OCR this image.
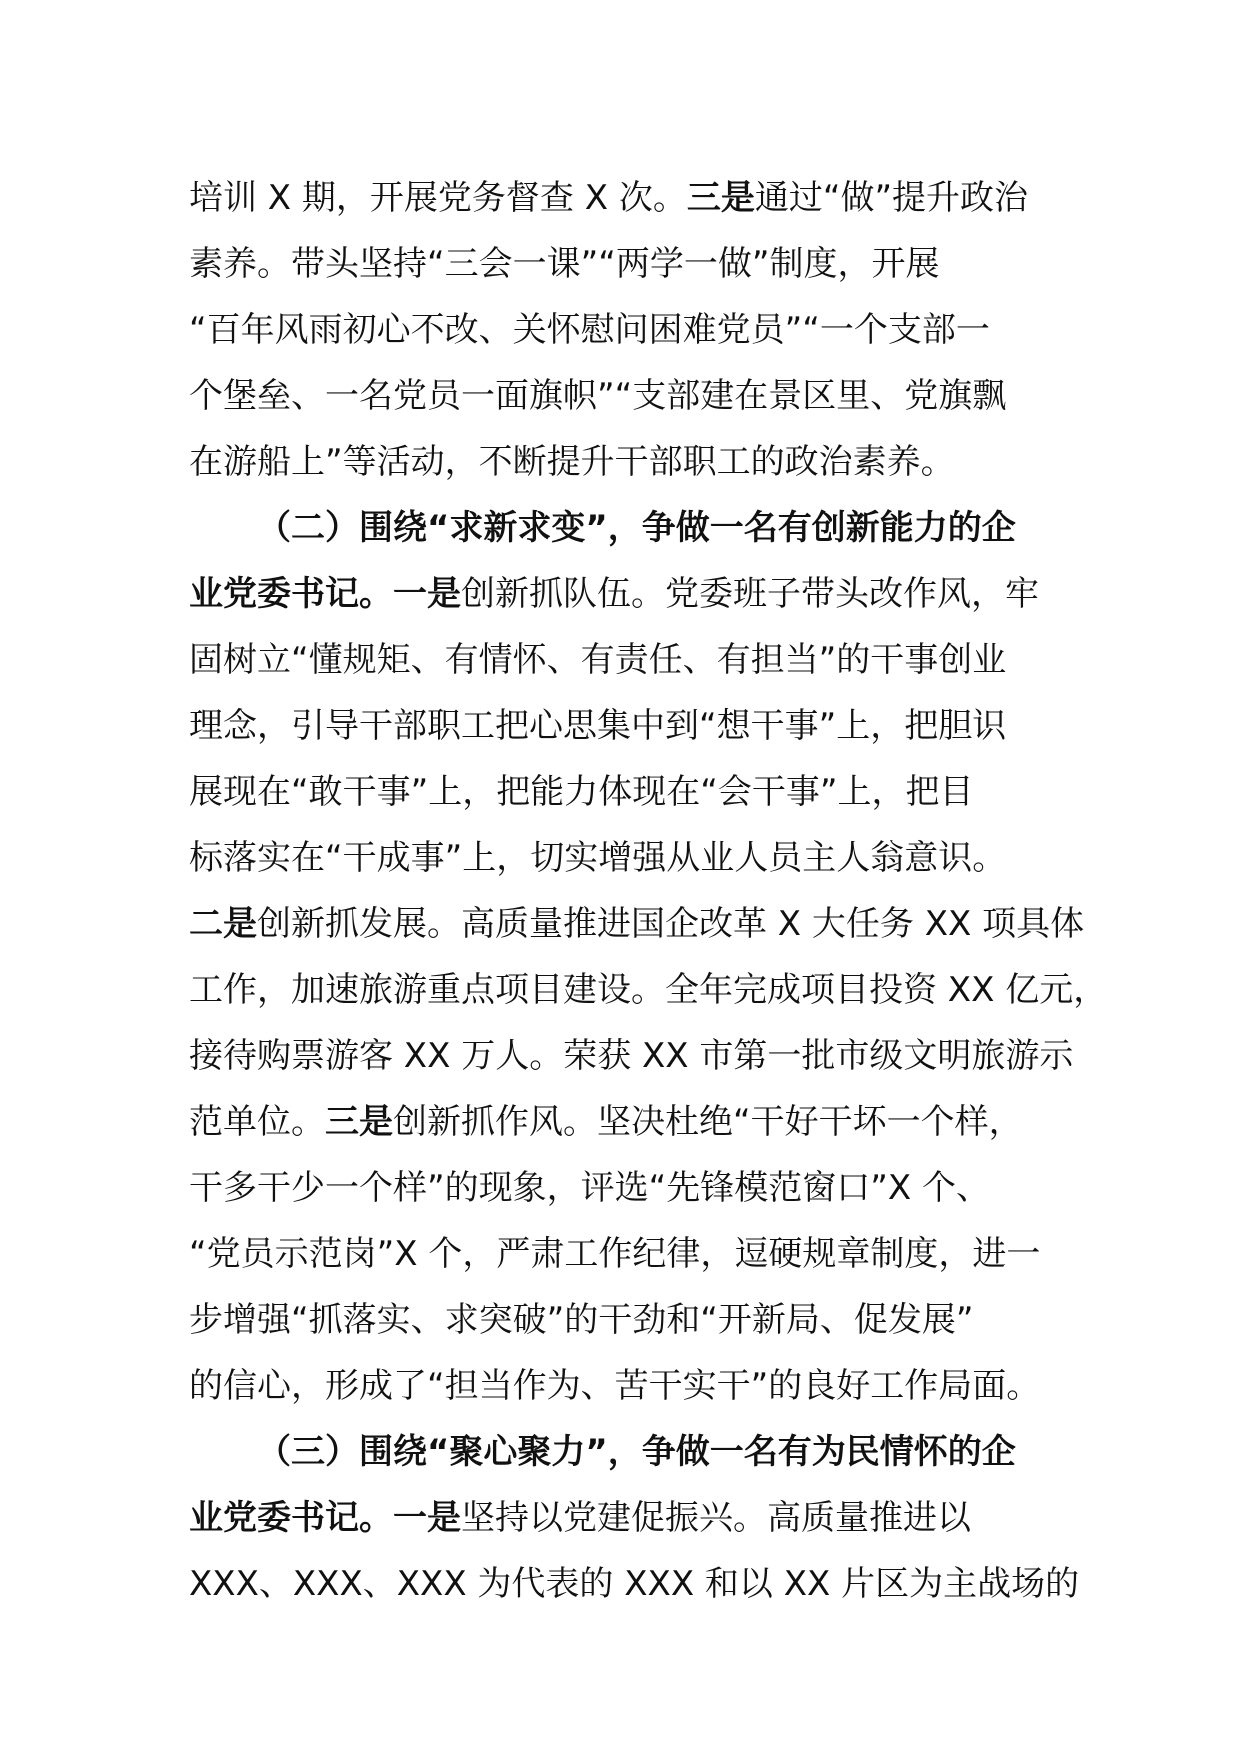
培训 X 期，开展党务督查 X 次。三是通过“做”提升政治
素养。带头坚持“三会一课”“两学一做”制度，开展
“百年风雨初心不改、关怀慰问困难党员”“一个支部一
个堡垒、一名党员一面旗帜”“支部建在景区里、党旗飘
在游船上”等活动，不断提升干部职工的政治素养。
（二）围绕“求新求变”，争做一名有创新能力的企
业党委书记。一是创新抓队伍。党委班子带头改作风，牢
固树立“懂规矩、有情怀、有责任、有担当”的干事创业
理念，引导干部职工把心思集中到“想干事”上，把胆识
展现在“敢干事”上，把能力体现在“会干事”上，把目
标落实在“干成事”上，切实增强从业人员主人翁意识。
二是创新抓发展。高质量推进国企改革 X 大任务 XX 项具体
工作，加速旅游重点项目建设。全年完成项目投资 XX 亿元，
接待购票游客 XX 万人。荣获 XX 市第一批市级文明旅游示
范单位。三是创新抓作风。坚决杜绝“干好干坏一个样，
干多干少一个样”的现象，评选“先锋模范窗口”X 个、
“党员示范岗”X 个，严肃工作纪律，逗硬规章制度，进一
步增强“抓落实、求突破”的干劲和“开新局、促发展”
的信心，形成了“担当作为、苦干实干”的良好工作局面。
（三）围绕“聚心聚力”，争做一名有为民情怀的企
业党委书记。一是坚持以党建促振兴。高质量推进以
XXX、XXX、XXX 为代表的 XXX 和以 XX 片区为主战场的
